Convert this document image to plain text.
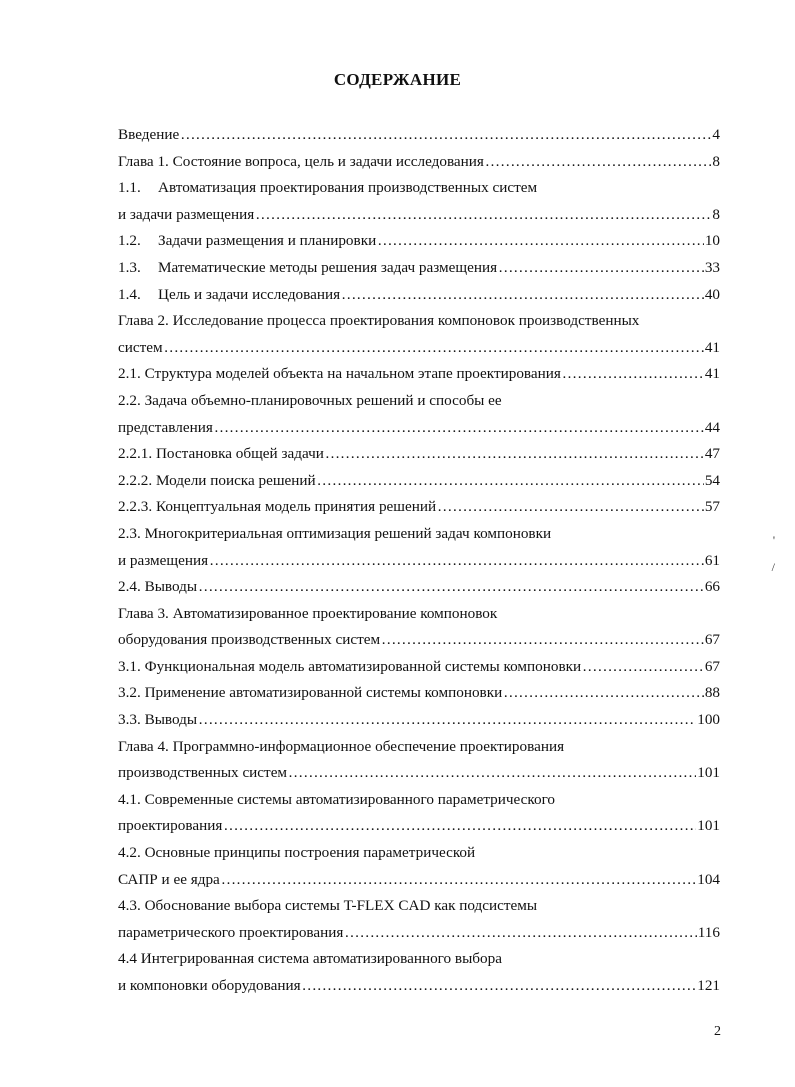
СОДЕРЖАНИЕ
Введение ……………………………………………………………………………………………………………………………………………………………………………………	4
Глава 1. Состояние вопроса, цель и задачи исследования ……………………………………………………………………………………………………………………………………………………………………………………	8
1.1. Автоматизация проектирования производственных систем
и задачи размещения ……………………………………………………………………………………………………………………………………………………………………………………	8
1.2. Задачи размещения и планировки ……………………………………………………………………………………………………………………………………………………………………………………	10
1.3. Математические методы решения задач размещения ……………………………………………………………………………………………………………………………………………………………………………………	33
1.4. Цель и задачи исследования ……………………………………………………………………………………………………………………………………………………………………………………	40
Глава 2. Исследование процесса проектирования компоновок производственных
систем ……………………………………………………………………………………………………………………………………………………………………………………	41
2.1. Структура моделей объекта на начальном этапе проектирования ……………………………………………………………………………………………………………………………………………………………………………………	41
2.2. Задача объемно-планировочных решений и способы ее
представления ……………………………………………………………………………………………………………………………………………………………………………………	44
2.2.1. Постановка общей задачи ……………………………………………………………………………………………………………………………………………………………………………………	47
2.2.2. Модели поиска решений ……………………………………………………………………………………………………………………………………………………………………………………	54
2.2.3. Концептуальная модель принятия решений ……………………………………………………………………………………………………………………………………………………………………………………	57
2.3. Многокритериальная оптимизация решений задач компоновки
и размещения ……………………………………………………………………………………………………………………………………………………………………………………	61
2.4. Выводы ……………………………………………………………………………………………………………………………………………………………………………………	66
Глава 3. Автоматизированное проектирование компоновок
оборудования производственных систем ……………………………………………………………………………………………………………………………………………………………………………………	67
3.1. Функциональная модель автоматизированной системы компоновки ……………………………………………………………………………………………………………………………………………………………………………………	67
3.2. Применение автоматизированной системы компоновки ……………………………………………………………………………………………………………………………………………………………………………………	88
3.3. Выводы ……………………………………………………………………………………………………………………………………………………………………………………	100
Глава 4. Программно-информационное обеспечение проектирования
производственных систем ……………………………………………………………………………………………………………………………………………………………………………………	101
4.1. Современные системы автоматизированного параметрического
проектирования ……………………………………………………………………………………………………………………………………………………………………………………	101
4.2. Основные принципы построения параметрической
САПР и ее ядра ……………………………………………………………………………………………………………………………………………………………………………………	104
4.3. Обоснование выбора системы T-FLEX CAD как подсистемы
параметрического проектирования ……………………………………………………………………………………………………………………………………………………………………………………	116
4.4 Интегрированная система автоматизированного выбора
и компоновки оборудования ……………………………………………………………………………………………………………………………………………………………………………………	121
'
/
2
